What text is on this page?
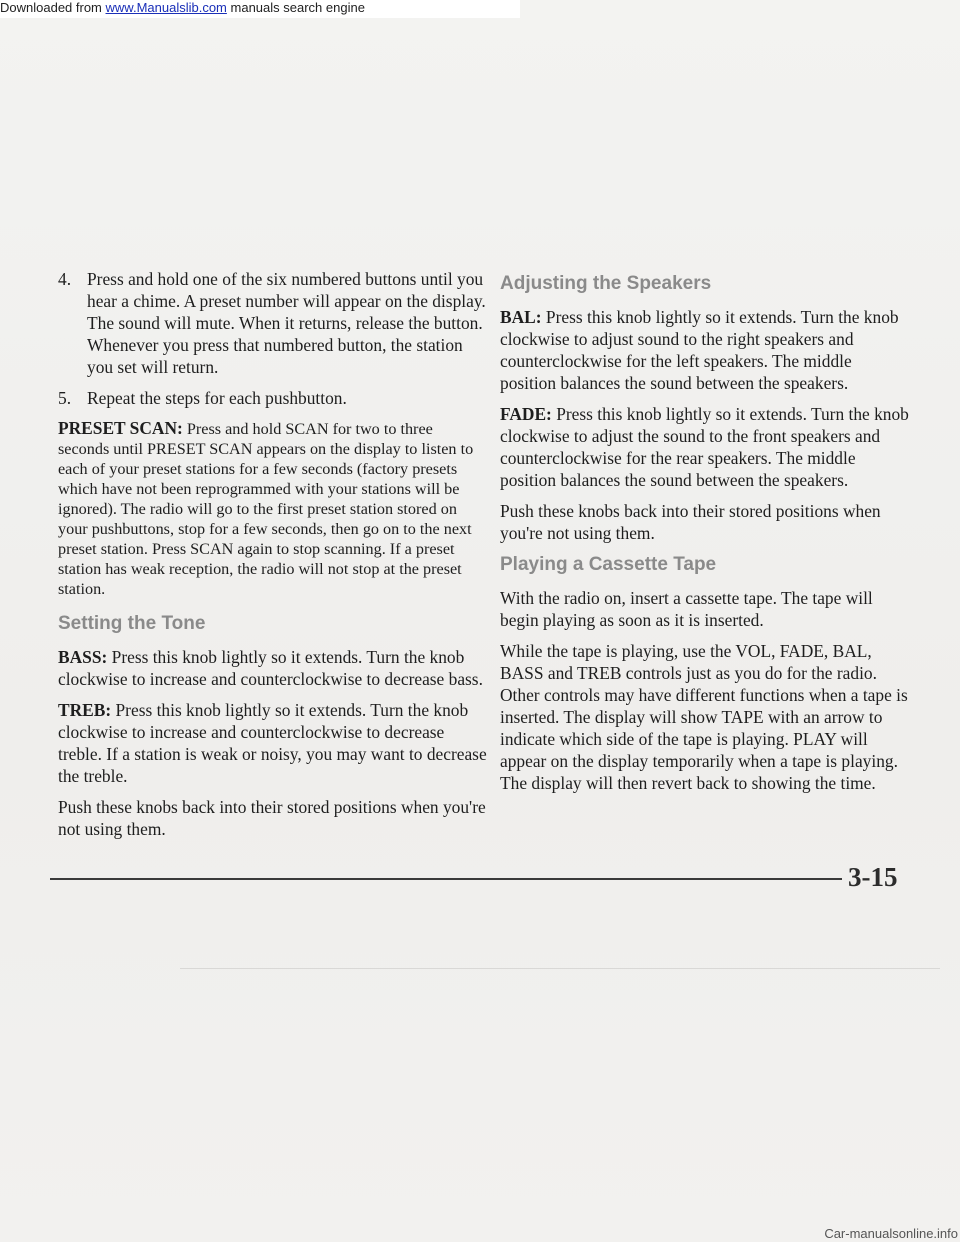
4. Press and hold one of the six numbered buttons until you hear a chime. A preset number will appear on the display. The sound will mute. When it returns, release the button. Whenever you press that numbered button, the station you set will return.
5. Repeat the steps for each pushbutton.

PRESET SCAN: Press and hold SCAN for two to three seconds until PRESET SCAN appears on the display to listen to each of your preset stations for a few seconds (factory presets which have not been reprogrammed with your stations will be ignored). The radio will go to the first preset station stored on your pushbuttons, stop for a few seconds, then go on to the next preset station. Press SCAN again to stop scanning. If a preset station has weak reception, the radio will not stop at the preset station.

Setting the Tone

BASS: Press this knob lightly so it extends. Turn the knob clockwise to increase and counterclockwise to decrease bass.

TREB: Press this knob lightly so it extends. Turn the knob clockwise to increase and counterclockwise to decrease treble. If a station is weak or noisy, you may want to decrease the treble.

Push these knobs back into their stored positions when you're not using them.

Adjusting the Speakers

BAL: Press this knob lightly so it extends. Turn the knob clockwise to adjust sound to the right speakers and counterclockwise for the left speakers. The middle position balances the sound between the speakers.

FADE: Press this knob lightly so it extends. Turn the knob clockwise to adjust the sound to the front speakers and counterclockwise for the rear speakers. The middle position balances the sound between the speakers.

Push these knobs back into their stored positions when you're not using them.

Playing a Cassette Tape

With the radio on, insert a cassette tape. The tape will begin playing as soon as it is inserted.

While the tape is playing, use the VOL, FADE, BAL, BASS and TREB controls just as you do for the radio. Other controls may have different functions when a tape is inserted. The display will show TAPE with an arrow to indicate which side of the tape is playing. PLAY will appear on the display temporarily when a tape is playing. The display will then revert back to showing the time.

3-15
Downloaded from www.Manualslib.com manuals search engine
Car-manualsonline.info
